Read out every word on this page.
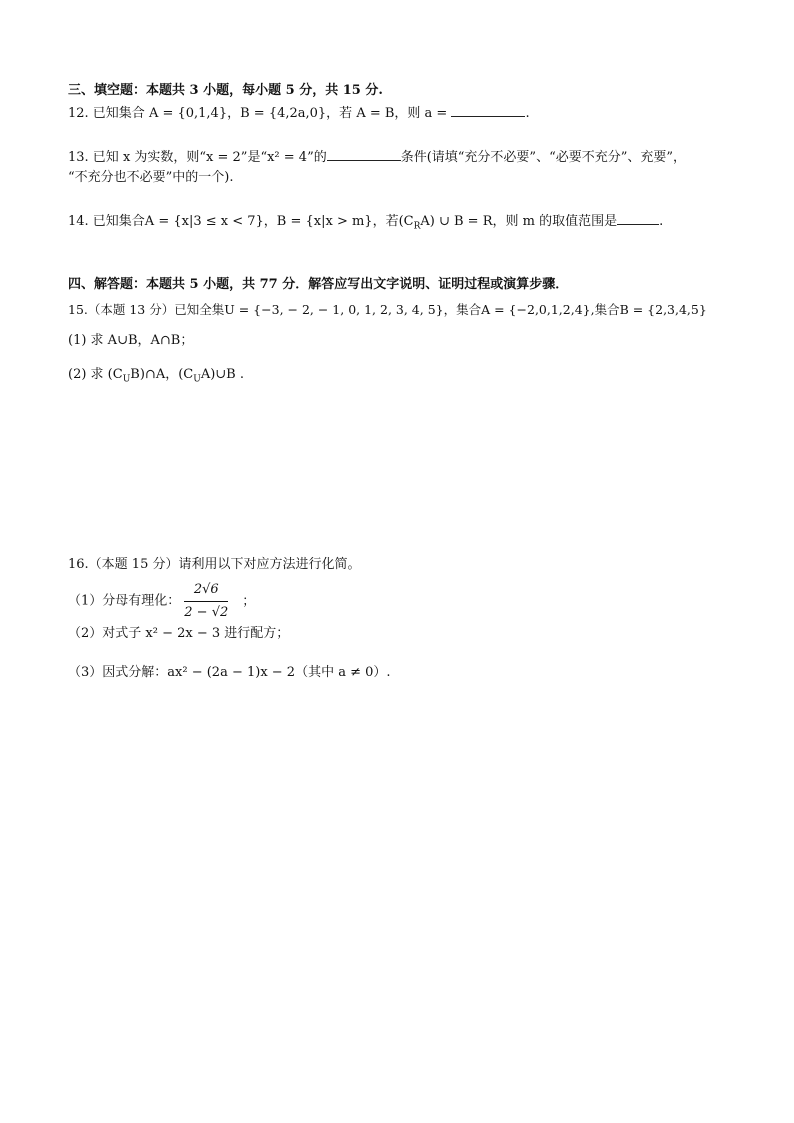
三、填空题：本题共 3 小题，每小题 5 分，共 15 分.
12. 已知集合 A = {0,1,4}，B = {4,2a,0}，若 A = B，则 a =	.
13. 已知 x 为实数，则“x = 2”是“x² = 4”的	条件(请填“充分不必要”、“必要不充分”、充要”，
“不充分也不必要”中的一个).
14. 已知集合A = {x|3 ≤ x < 7}，B = {x|x > m}，若$(C_RA)$ ∪ B = R，则 m 的取值范围是	.
四、解答题：本题共 5 小题，共 77 分．解答应写出文字说明、证明过程或演算步骤．
15.（本题 13 分）已知全集U = {−3, − 2, − 1, 0, 1, 2, 3, 4, 5}，集合A = {−2,0,1,2,4},集合B = {2,3,4,5}
(1) 求 A∪B，A∩B；
(2) 求 $(C_UB)\cap A$，$(C_UA)\cup B$ .
16.（本题 15 分）请利用以下对应方法进行化简。
（1）分母有理化： $\frac{2√6}{2 - √2}$ ；
（2）对式子 x² − 2x − 3 进行配方；
（3）因式分解：ax² − (2a − 1)x − 2（其中 a ≠ 0）.
